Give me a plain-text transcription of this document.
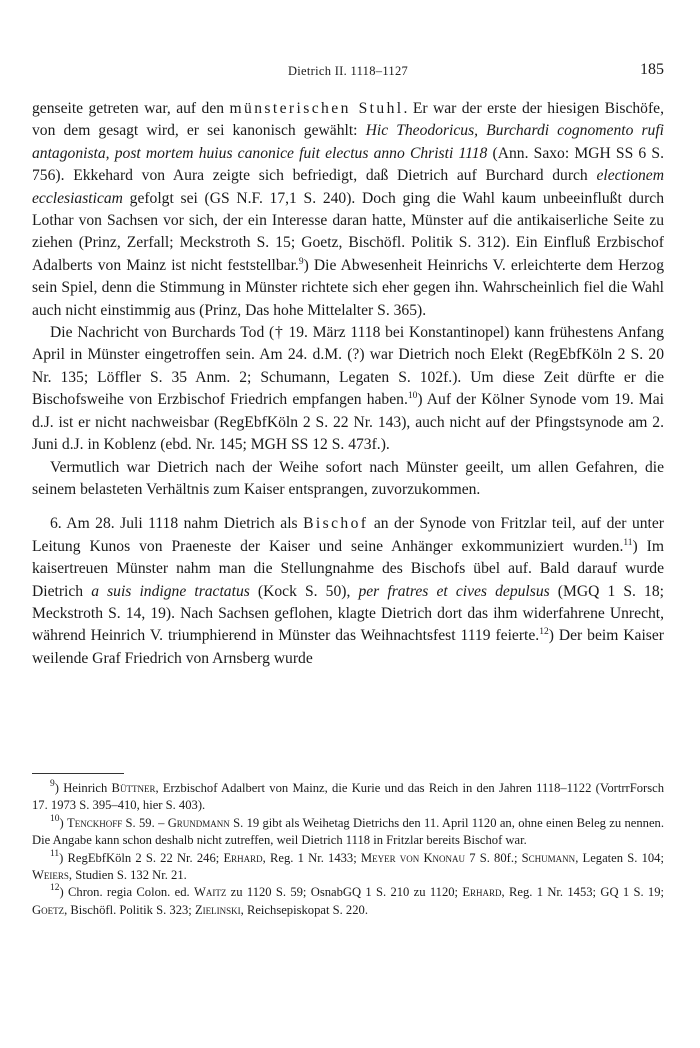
Dietrich II. 1118–1127	185

genseite getreten war, auf den münsterischen Stuhl. Er war der erste der hiesigen Bischöfe, von dem gesagt wird, er sei kanonisch gewählt: Hic Theodoricus, Burchardi cognomento rufi antagonista, post mortem huius canonice fuit electus anno Christi 1118 (Ann. Saxo: MGH SS 6 S. 756). Ekkehard von Aura zeigte sich befriedigt, daß Dietrich auf Burchard durch electionem ecclesiasticam gefolgt sei (GS N.F. 17,1 S. 240). Doch ging die Wahl kaum unbeeinflußt durch Lothar von Sachsen vor sich, der ein Interesse daran hatte, Münster auf die antikaiserliche Seite zu ziehen (Prinz, Zerfall; Meckstroth S. 15; Goetz, Bischöfl. Politik S. 312). Ein Einfluß Erzbischof Adalberts von Mainz ist nicht feststellbar.$^9$) Die Abwesenheit Heinrichs V. erleichterte dem Herzog sein Spiel, denn die Stimmung in Münster richtete sich eher gegen ihn. Wahrscheinlich fiel die Wahl auch nicht einstimmig aus (Prinz, Das hohe Mittelalter S. 365).

Die Nachricht von Burchards Tod († 19. März 1118 bei Konstantinopel) kann frühestens Anfang April in Münster eingetroffen sein. Am 24. d.M. (?) war Dietrich noch Elekt (RegEbfKöln 2 S. 20 Nr. 135; Löffler S. 35 Anm. 2; Schumann, Legaten S. 102f.). Um diese Zeit dürfte er die Bischofsweihe von Erzbischof Friedrich empfangen haben.$^{10}$) Auf der Kölner Synode vom 19. Mai d.J. ist er nicht nachweisbar (RegEbfKöln 2 S. 22 Nr. 143), auch nicht auf der Pfingstsynode am 2. Juni d.J. in Koblenz (ebd. Nr. 145; MGH SS 12 S. 473f.).

Vermutlich war Dietrich nach der Weihe sofort nach Münster geeilt, um allen Gefahren, die seinem belasteten Verhältnis zum Kaiser entsprangen, zuvorzukommen.

6. Am 28. Juli 1118 nahm Dietrich als Bischof an der Synode von Fritzlar teil, auf der unter Leitung Kunos von Praeneste der Kaiser und seine Anhänger exkommuniziert wurden.$^{11}$) Im kaisertreuen Münster nahm man die Stellungnahme des Bischofs übel auf. Bald darauf wurde Dietrich a suis indigne tractatus (Kock S. 50), per fratres et cives depulsus (MGQ 1 S. 18; Meckstroth S. 14, 19). Nach Sachsen geflohen, klagte Dietrich dort das ihm widerfahrene Unrecht, während Heinrich V. triumphierend in Münster das Weihnachtsfest 1119 feierte.$^{12}$) Der beim Kaiser weilende Graf Friedrich von Arnsberg wurde

$^9$) Heinrich Büttner, Erzbischof Adalbert von Mainz, die Kurie und das Reich in den Jahren 1118–1122 (VortrrForsch 17. 1973 S. 395–410, hier S. 403).

$^{10}$) Tenckhoff S. 59. – Grundmann S. 19 gibt als Weihetag Dietrichs den 11. April 1120 an, ohne einen Beleg zu nennen. Die Angabe kann schon deshalb nicht zutreffen, weil Dietrich 1118 in Fritzlar bereits Bischof war.

$^{11}$) RegEbfKöln 2 S. 22 Nr. 246; Erhard, Reg. 1 Nr. 1433; Meyer von Knonau 7 S. 80f.; Schumann, Legaten S. 104; Weiers, Studien S. 132 Nr. 21.

$^{12}$) Chron. regia Colon. ed. Waitz zu 1120 S. 59; OsnabGQ 1 S. 210 zu 1120; Erhard, Reg. 1 Nr. 1453; GQ 1 S. 19; Goetz, Bischöfl. Politik S. 323; Zielinski, Reichsepiskopat S. 220.
